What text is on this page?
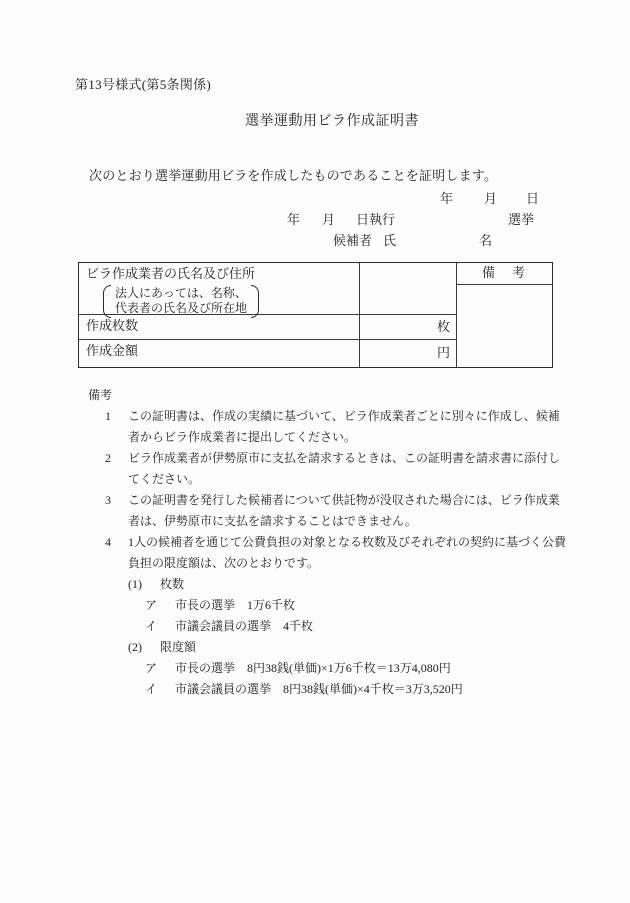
第13号様式(第5条関係)
選挙運動用ビラ作成証明書
次のとおり選挙運動用ビラを作成したものであることを証明します。
年 月 日
年 月 日執行	選挙
候補者 氏	名
ビラ作成業者の氏名及び住所
法人にあっては、名称、
代表者の氏名及び所在地
作成枚数	枚
作成金額	円
備　考
備考
1	この証明書は、作成の実績に基づいて、ビラ作成業者ごとに別々に作成し、候補者からビラ作成業者に提出してください。
2	ビラ作成業者が伊勢原市に支払を請求するときは、この証明書を請求書に添付してください。
3	この証明書を発行した候補者について供託物が没収された場合には、ビラ作成業者は、伊勢原市に支払を請求することはできません。
4	1人の候補者を通じて公費負担の対象となる枚数及びそれぞれの契約に基づく公費負担の限度額は、次のとおりです。
(1)	枚数
ア	市長の選挙　1万6千枚
イ	市議会議員の選挙　4千枚
(2)	限度額
ア	市長の選挙　8円38銭(単価)×1万6千枚＝13万4,080円
イ	市議会議員の選挙　8円38銭(単価)×4千枚＝3万3,520円
